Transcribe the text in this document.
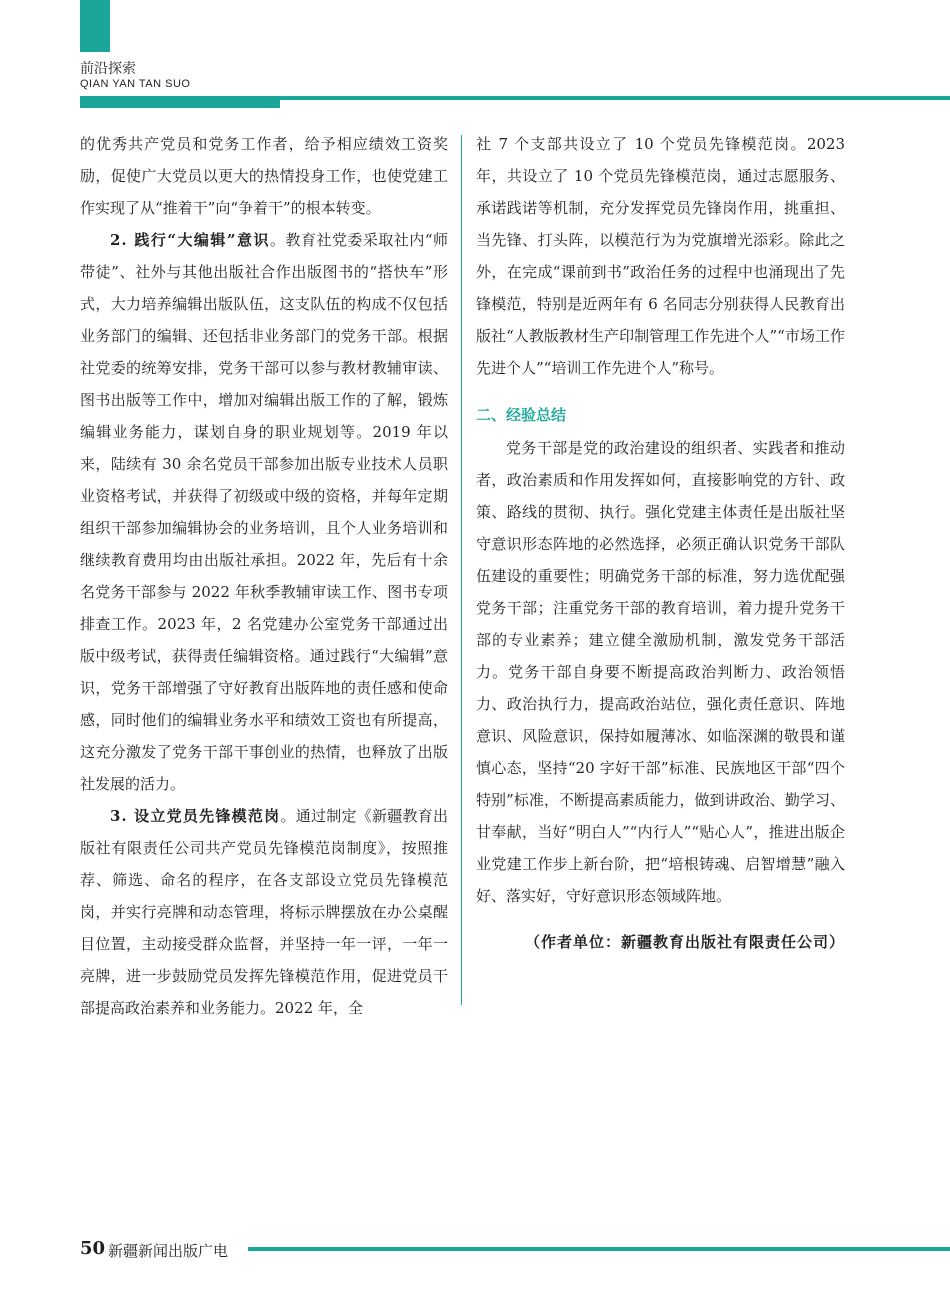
前沿探索
QIAN YAN TAN SUO

的优秀共产党员和党务工作者，给予相应绩效工资奖励，促使广大党员以更大的热情投身工作，也使党建工作实现了从“推着干”向“争着干”的根本转变。

2. 践行“大编辑”意识。教育社党委采取社内“师带徒”、社外与其他出版社合作出版图书的“搭快车”形式，大力培养编辑出版队伍，这支队伍的构成不仅包括业务部门的编辑、还包括非业务部门的党务干部。根据社党委的统筹安排，党务干部可以参与教材教辅审读、图书出版等工作中，增加对编辑出版工作的了解，锻炼编辑业务能力，谋划自身的职业规划等。2019 年以来，陆续有 30 余名党员干部参加出版专业技术人员职业资格考试，并获得了初级或中级的资格，并每年定期组织干部参加编辑协会的业务培训，且个人业务培训和继续教育费用均由出版社承担。2022 年，先后有十余名党务干部参与 2022 年秋季教辅审读工作、图书专项排查工作。2023 年，2 名党建办公室党务干部通过出版中级考试，获得责任编辑资格。通过践行“大编辑”意识，党务干部增强了守好教育出版阵地的责任感和使命感，同时他们的编辑业务水平和绩效工资也有所提高，这充分激发了党务干部干事创业的热情，也释放了出版社发展的活力。

3. 设立党员先锋模范岗。通过制定《新疆教育出版社有限责任公司共产党员先锋模范岗制度》，按照推荐、筛选、命名的程序，在各支部设立党员先锋模范岗，并实行亮牌和动态管理，将标示牌摆放在办公桌醒目位置，主动接受群众监督，并坚持一年一评，一年一亮牌，进一步鼓励党员发挥先锋模范作用，促进党员干部提高政治素养和业务能力。2022 年，全

社 7 个支部共设立了 10 个党员先锋模范岗。2023 年，共设立了 10 个党员先锋模范岗，通过志愿服务、承诺践诺等机制，充分发挥党员先锋岗作用，挑重担、当先锋、打头阵，以模范行为为党旗增光添彩。除此之外，在完成“课前到书”政治任务的过程中也涌现出了先锋模范，特别是近两年有 6 名同志分别获得人民教育出版社“人教版教材生产印制管理工作先进个人”“市场工作先进个人”“培训工作先进个人”称号。

二、经验总结

党务干部是党的政治建设的组织者、实践者和推动者，政治素质和作用发挥如何，直接影响党的方针、政策、路线的贯彻、执行。强化党建主体责任是出版社坚守意识形态阵地的必然选择，必须正确认识党务干部队伍建设的重要性；明确党务干部的标准，努力选优配强党务干部；注重党务干部的教育培训，着力提升党务干部的专业素养；建立健全激励机制，激发党务干部活力。党务干部自身要不断提高政治判断力、政治领悟力、政治执行力，提高政治站位，强化责任意识、阵地意识、风险意识，保持如履薄冰、如临深渊的敬畏和谨慎心态，坚持“20 字好干部”标准、民族地区干部“四个特别”标准，不断提高素质能力，做到讲政治、勤学习、甘奉献，当好“明白人”“内行人”“贴心人”，推进出版企业党建工作步上新台阶，把“培根铸魂、启智增慧”融入好、落实好，守好意识形态领域阵地。

（作者单位：新疆教育出版社有限责任公司）

50 新疆新闻出版广电
